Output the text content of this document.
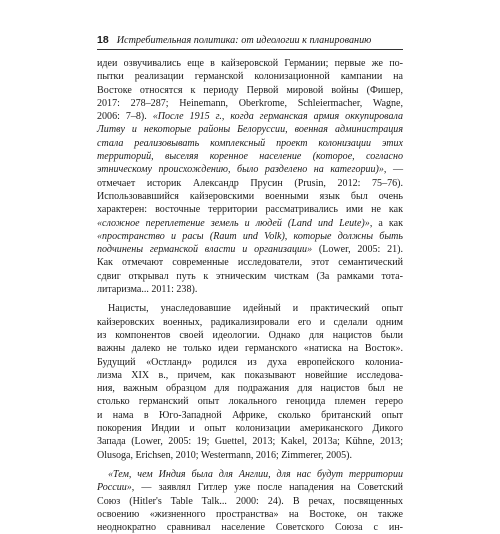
18 Истребительная политика: от идеологии к планированию
идеи озвучивались еще в кайзеровской Германии; первые же по-
пытки реализации германской колонизационной кампании на
Востоке относятся к периоду Первой мировой войны (Фишер,
2017: 278–287; Heinemann, Oberkrome, Schleiermacher, Wagne,
2006: 7–8). «После 1915 г., когда германская армия оккупировала
Литву и некоторые районы Белоруссии, военная администрация
стала реализовывать комплексный проект колонизации этих
территорий, выселяя коренное население (которое, согласно
этническому происхождению, было разделено на категории)», —
отмечает историк Александр Прусин (Prusin, 2012: 75–76).
Использовавшийся кайзеровскими военными язык был очень
характерен: восточные территории рассматривались ими не как
«сложное переплетение земель и людей (Land und Leute)», а как
«пространство и расы (Raum und Volk), которые должны быть
подчинены германской власти и организации» (Lower, 2005: 21).
Как отмечают современные исследователи, этот семантический
сдвиг открывал путь к этническим чисткам (За рамками тота-
литаризма... 2011: 238).
Нацисты, унаследовавшие идейный и практический опыт
кайзеровских военных, радикализировали его и сделали одним
из компонентов своей идеологии. Однако для нацистов были
важны далеко не только идеи германского «натиска на Восток».
Будущий «Остланд» родился из духа европейского колониа-
лизма XIX в., причем, как показывают новейшие исследова-
ния, важным образцом для подражания для нацистов был не
столько германский опыт локального геноцида племен гереро
и нама в Юго-Западной Африке, сколько британский опыт
покорения Индии и опыт колонизации американского Дикого
Запада (Lower, 2005: 19; Guettel, 2013; Kakel, 2013a; Kühne, 2013;
Olusoga, Erichsen, 2010; Westermann, 2016; Zimmerer, 2005).
«Тем, чем Индия была для Англии, для нас будут территории
России», — заявлял Гитлер уже после нападения на Советский
Союз (Hitler's Table Talk... 2000: 24). В речах, посвященных
освоению «жизненного пространства» на Востоке, он также
неоднократно сравнивал население Советского Союза с ин-
